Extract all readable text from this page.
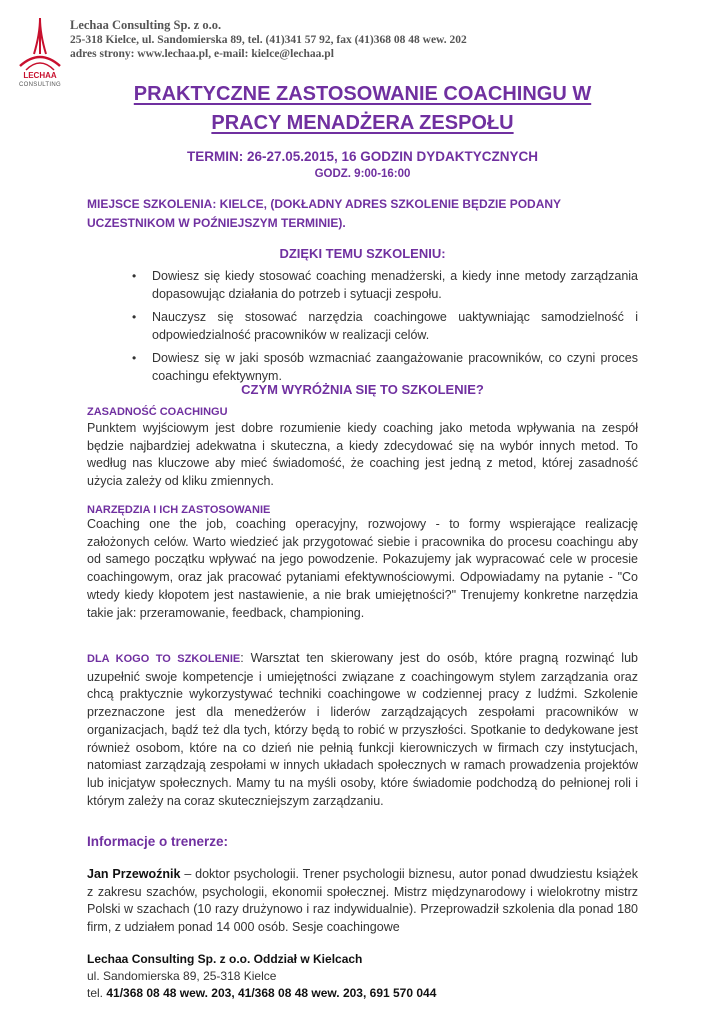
LECHAA
CONSULTING
Lechaa Consulting Sp. z o.o.
25-318 Kielce, ul. Sandomierska 89, tel. (41)341 57 92, fax (41)368 08 48 wew. 202
adres strony: www.lechaa.pl, e-mail: kielce@lechaa.pl
PRAKTYCZNE ZASTOSOWANIE COACHINGU W
PRACY MENADŻERA ZESPOŁU
TERMIN: 26-27.05.2015, 16 GODZIN DYDAKTYCZNYCH
GODZ. 9:00-16:00
MIEJSCE SZKOLENIA: KIELCE, (DOKŁADNY ADRES SZKOLENIE BĘDZIE PODANY
UCZESTNIKOM W POŹNIEJSZYM TERMINIE).
DZIĘKI TEMU SZKOLENIU:
• Dowiesz się kiedy stosować coaching menadżerski, a kiedy inne metody zarządzania dopasowując działania do potrzeb i sytuacji zespołu.
• Nauczysz się stosować narzędzia coachingowe uaktywniając samodzielność i odpowiedzialność pracowników w realizacji celów.
• Dowiesz się w jaki sposób wzmacniać zaangażowanie pracowników, co czyni proces coachingu efektywnym.
CZYM WYRÓŻNIA SIĘ TO SZKOLENIE?
ZASADNOŚĆ COACHINGU
Punktem wyjściowym jest dobre rozumienie kiedy coaching jako metoda wpływania na zespół będzie najbardziej adekwatna i skuteczna, a kiedy zdecydować się na wybór innych metod. To według nas kluczowe aby mieć świadomość, że coaching jest jedną z metod, której zasadność użycia zależy od kliku zmiennych.
NARZĘDZIA I ICH ZASTOSOWANIE
Coaching one the job, coaching operacyjny, rozwojowy - to formy wspierające realizację założonych celów. Warto wiedzieć jak przygotować siebie i pracownika do procesu coachingu aby od samego początku wpływać na jego powodzenie. Pokazujemy jak wypracować cele w procesie coachingowym, oraz jak pracować pytaniami efektywnościowymi. Odpowiadamy na pytanie - "Co wtedy kiedy kłopotem jest nastawienie, a nie brak umiejętności?" Trenujemy konkretne narzędzia takie jak: przeramowanie, feedback, championing.
DLA KOGO TO SZKOLENIE: Warsztat ten skierowany jest do osób, które pragną rozwinąć lub uzupełnić swoje kompetencje i umiejętności związane z coachingowym stylem zarządzania oraz chcą praktycznie wykorzystywać techniki coachingowe w codziennej pracy z ludźmi. Szkolenie przeznaczone jest dla menedżerów i liderów zarządzających zespołami pracowników w organizacjach, bądź też dla tych, którzy będą to robić w przyszłości. Spotkanie to dedykowane jest również osobom, które na co dzień nie pełnią funkcji kierowniczych w firmach czy instytucjach, natomiast zarządzają zespołami w innych układach społecznych w ramach prowadzenia projektów lub inicjatyw społecznych. Mamy tu na myśli osoby, które świadomie podchodzą do pełnionej roli i którym zależy na coraz skuteczniejszym zarządzaniu.
Informacje o trenerze:
Jan Przewoźnik – doktor psychologii. Trener psychologii biznesu, autor ponad dwudziestu książek z zakresu szachów, psychologii, ekonomii społecznej. Mistrz międzynarodowy i wielokrotny mistrz Polski w szachach (10 razy drużynowo i raz indywidualnie). Przeprowadził szkolenia dla ponad 180 firm, z udziałem ponad 14 000 osób. Sesje coachingowe
Lechaa Consulting Sp. z o.o. Oddział w Kielcach
ul. Sandomierska 89, 25-318 Kielce
tel. 41/368 08 48 wew. 203, 41/368 08 48 wew. 203, 691 570 044
